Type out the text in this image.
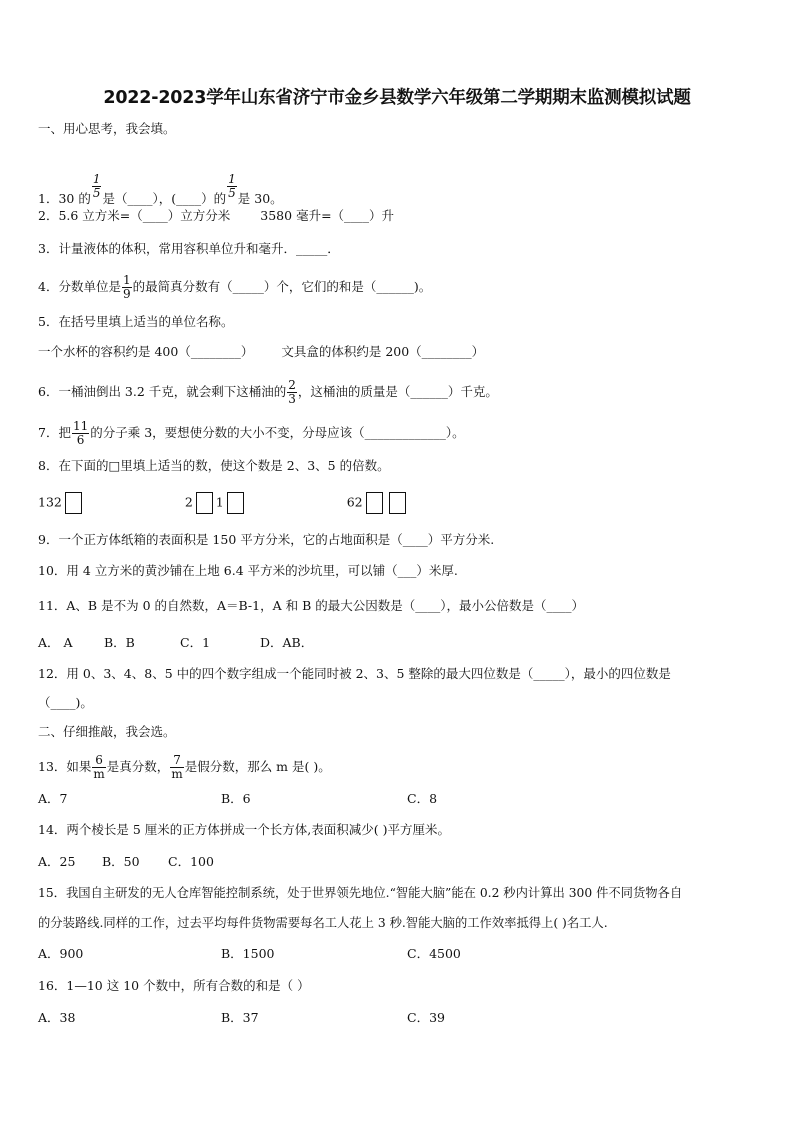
2022-2023学年山东省济宁市金乡县数学六年级第二学期期末监测模拟试题
一、用心思考，我会填。
1．30 的 $\frac{1}{5}$ 是（____），(____）的 $\frac{1}{5}$ 是 30。
2．5.6 立方米=（____）立方分米 3580 毫升=（____）升
3．计量液体的体积，常用容积单位升和毫升．_____．
4．分数单位是 $\frac{1}{9}$ 的最简真分数有（_____）个，它们的和是（______)。
5．在括号里填上适当的单位名称。
一个水杯的容积约是 400（________） 文具盒的体积约是 200（________）
6．一桶油倒出 3.2 千克，就会剩下这桶油的 $\frac{2}{3}$ ，这桶油的质量是（______）千克。
7．把 $\frac{11}{6}$ 的分子乘 3，要想使分数的大小不变，分母应该（_____________）。
8．在下面的□里填上适当的数，使这个数是 2、3、5 的倍数。
132	2 1	62
9．一个正方体纸箱的表面积是 150 平方分米，它的占地面积是（____）平方分米.
10．用 4 立方米的黄沙铺在上地 6.4 平方米的沙坑里，可以铺（___）米厚.
11．A、B 是不为 0 的自然数，A＝B-1，A 和 B 的最大公因数是（____），最小公倍数是（____）
A． A	B．B	C．1	D．AB．
12．用 0、3、4、8、5 中的四个数字组成一个能同时被 2、3、5 整除的最大四位数是（_____），最小的四位数是
（____)。
二、仔细推敲，我会选。
13．如果 $\frac{6}{m}$ 是真分数， $\frac{7}{m}$ 是假分数，那么 m 是( )。
A．7	B．6	C．8
14．两个棱长是 5 厘米的正方体拼成一个长方体,表面积减少( )平方厘米。
A．25 B．50 C．100
15．我国自主研发的无人仓库智能控制系统，处于世界领先地位.“智能大脑”能在 0.2 秒内计算出 300 件不同货物各自
的分装路线.同样的工作，过去平均每件货物需要每名工人花上 3 秒.智能大脑的工作效率抵得上( )名工人.
A．900	B．1500	C．4500
16．1—10 这 10 个数中，所有合数的和是（ ）
A．38	B．37	C．39
